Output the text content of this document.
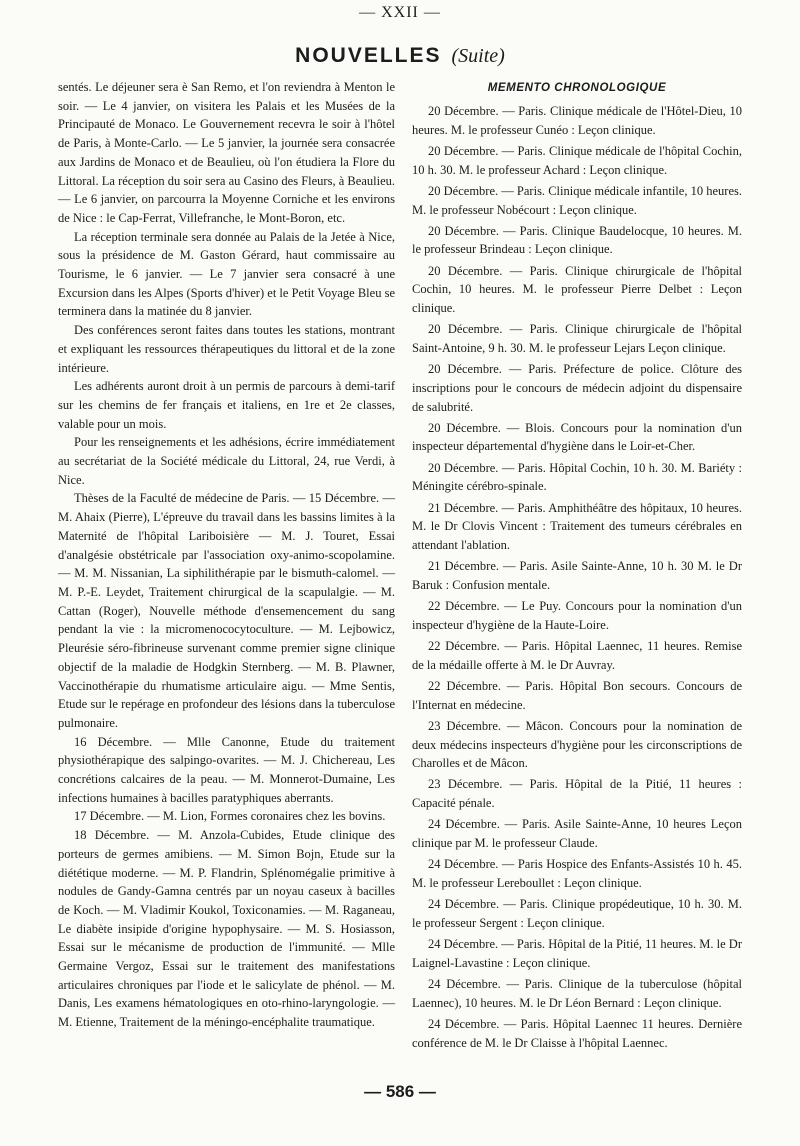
— XXII —
NOUVELLES (Suite)

sentés. Le déjeuner sera è San Remo, et l'on reviendra à Menton le soir. — Le 4 janvier, on visitera les Palais et les Musées de la Principauté de Monaco. Le Gouvernement recevra le soir à l'hôtel de Paris, à Monte-Carlo. — Le 5 janvier, la journée sera consacrée aux Jardins de Monaco et de Beaulieu, où l'on étudiera la Flore du Littoral. La réception du soir sera au Casino des Fleurs, à Beaulieu. — Le 6 janvier, on parcourra la Moyenne Corniche et les environs de Nice : le Cap-Ferrat, Villefranche, le Mont-Boron, etc.

La réception terminale sera donnée au Palais de la Jetée à Nice, sous la présidence de M. Gaston Gérard, haut commissaire au Tourisme, le 6 janvier. — Le 7 janvier sera consacré à une Excursion dans les Alpes (Sports d'hiver) et le Petit Voyage Bleu se terminera dans la matinée du 8 janvier.

Des conférences seront faites dans toutes les stations, montrant et expliquant les ressources thérapeutiques du littoral et de la zone intérieure.

Les adhérents auront droit à un permis de parcours à demi-tarif sur les chemins de fer français et italiens, en 1re et 2e classes, valable pour un mois.

Pour les renseignements et les adhésions, écrire immédiatement au secrétariat de la Société médicale du Littoral, 24, rue Verdi, à Nice.

Thèses de la Faculté de médecine de Paris. — 15 Décembre. — M. Ahaix (Pierre), L'épreuve du travail dans les bassins limites à la Maternité de l'hôpital Lariboisière — M. J. Touret, Essai d'analgésie obstétricale par l'association oxy-animo-scopolamine. — M. M. Nissanian, La siphilithérapie par le bismuth-calomel. — M. P.-E. Leydet, Traitement chirurgical de la scapulalgie. — M. Cattan (Roger), Nouvelle méthode d'ensemencement du sang pendant la vie : la micromenococytoculture. — M. Lejbowicz, Pleurésie séro-fibrineuse survenant comme premier signe clinique objectif de la maladie de Hodgkin Sternberg. — M. B. Plawner, Vaccinothérapie du rhumatisme articulaire aigu. — Mme Sentis, Etude sur le repérage en profondeur des lésions dans la tuberculose pulmonaire.

16 Décembre. — Mlle Canonne, Etude du traitement physiothérapique des salpingo-ovarites. — M. J. Chichereau, Les concrétions calcaires de la peau. — M. Monnerot-Dumaine, Les infections humaines à bacilles paratyphiques aberrants.

17 Décembre. — M. Lion, Formes coronaires chez les bovins.

18 Décembre. — M. Anzola-Cubides, Etude clinique des porteurs de germes amibiens. — M. Simon Bojn, Etude sur la diététique moderne. — M. P. Flandrin, Splénomégalie primitive à nodules de Gandy-Gamna centrés par un noyau caseux à bacilles de Koch. — M. Vladimir Koukol, Toxiconamies. — M. Raganeau, Le diabète insipide d'origine hypophysaire. — M. S. Hosiasson, Essai sur le mécanisme de production de l'immunité. — Mlle Germaine Vergoz, Essai sur le traitement des manifestations articulaires chroniques par l'iode et le salicylate de phénol. — M. Danis, Les examens hématologiques en oto-rhino-laryngologie. — M. Etienne, Traitement de la méningo-encéphalite traumatique.

MEMENTO CHRONOLOGIQUE

20 Décembre. — Paris. Clinique médicale de l'Hôtel-Dieu, 10 heures. M. le professeur Cunéo : Leçon clinique.

20 Décembre. — Paris. Clinique médicale de l'hôpital Cochin, 10 h. 30. M. le professeur Achard : Leçon clinique.

20 Décembre. — Paris. Clinique médicale infantile, 10 heures. M. le professeur Nobécourt : Leçon clinique.

20 Décembre. — Paris. Clinique Baudelocque, 10 heures. M. le professeur Brindeau : Leçon clinique.

20 Décembre. — Paris. Clinique chirurgicale de l'hôpital Cochin, 10 heures. M. le professeur Pierre Delbet : Leçon clinique.

20 Décembre. — Paris. Clinique chirurgicale de l'hôpital Saint-Antoine, 9 h. 30. M. le professeur Lejars Leçon clinique.

20 Décembre. — Paris. Préfecture de police. Clôture des inscriptions pour le concours de médecin adjoint du dispensaire de salubrité.

20 Décembre. — Blois. Concours pour la nomination d'un inspecteur départemental d'hygiène dans le Loir-et-Cher.

20 Décembre. — Paris. Hôpital Cochin, 10 h. 30. M. Bariéty : Méningite cérébro-spinale.

21 Décembre. — Paris. Amphithéâtre des hôpitaux, 10 heures. M. le Dr Clovis Vincent : Traitement des tumeurs cérébrales en attendant l'ablation.

21 Décembre. — Paris. Asile Sainte-Anne, 10 h. 30 M. le Dr Baruk : Confusion mentale.

22 Décembre. — Le Puy. Concours pour la nomination d'un inspecteur d'hygiène de la Haute-Loire.

22 Décembre. — Paris. Hôpital Laennec, 11 heures. Remise de la médaille offerte à M. le Dr Auvray.

22 Décembre. — Paris. Hôpital Bon secours. Concours de l'Internat en médecine.

23 Décembre. — Mâcon. Concours pour la nomination de deux médecins inspecteurs d'hygiène pour les circonscriptions de Charolles et de Mâcon.

23 Décembre. — Paris. Hôpital de la Pitié, 11 heures : Capacité pénale.

24 Décembre. — Paris. Asile Sainte-Anne, 10 heures Leçon clinique par M. le professeur Claude.

24 Décembre. — Paris Hospice des Enfants-Assistés 10 h. 45. M. le professeur Lereboullet : Leçon clinique.

24 Décembre. — Paris. Clinique propédeutique, 10 h. 30. M. le professeur Sergent : Leçon clinique.

24 Décembre. — Paris. Hôpital de la Pitié, 11 heures. M. le Dr Laignel-Lavastine : Leçon clinique.

24 Décembre. — Paris. Clinique de la tuberculose (hôpital Laennec), 10 heures. M. le Dr Léon Bernard : Leçon clinique.

24 Décembre. — Paris. Hôpital Laennec 11 heures. Dernière conférence de M. le Dr Claisse à l'hôpital Laennec.

— 586 —
